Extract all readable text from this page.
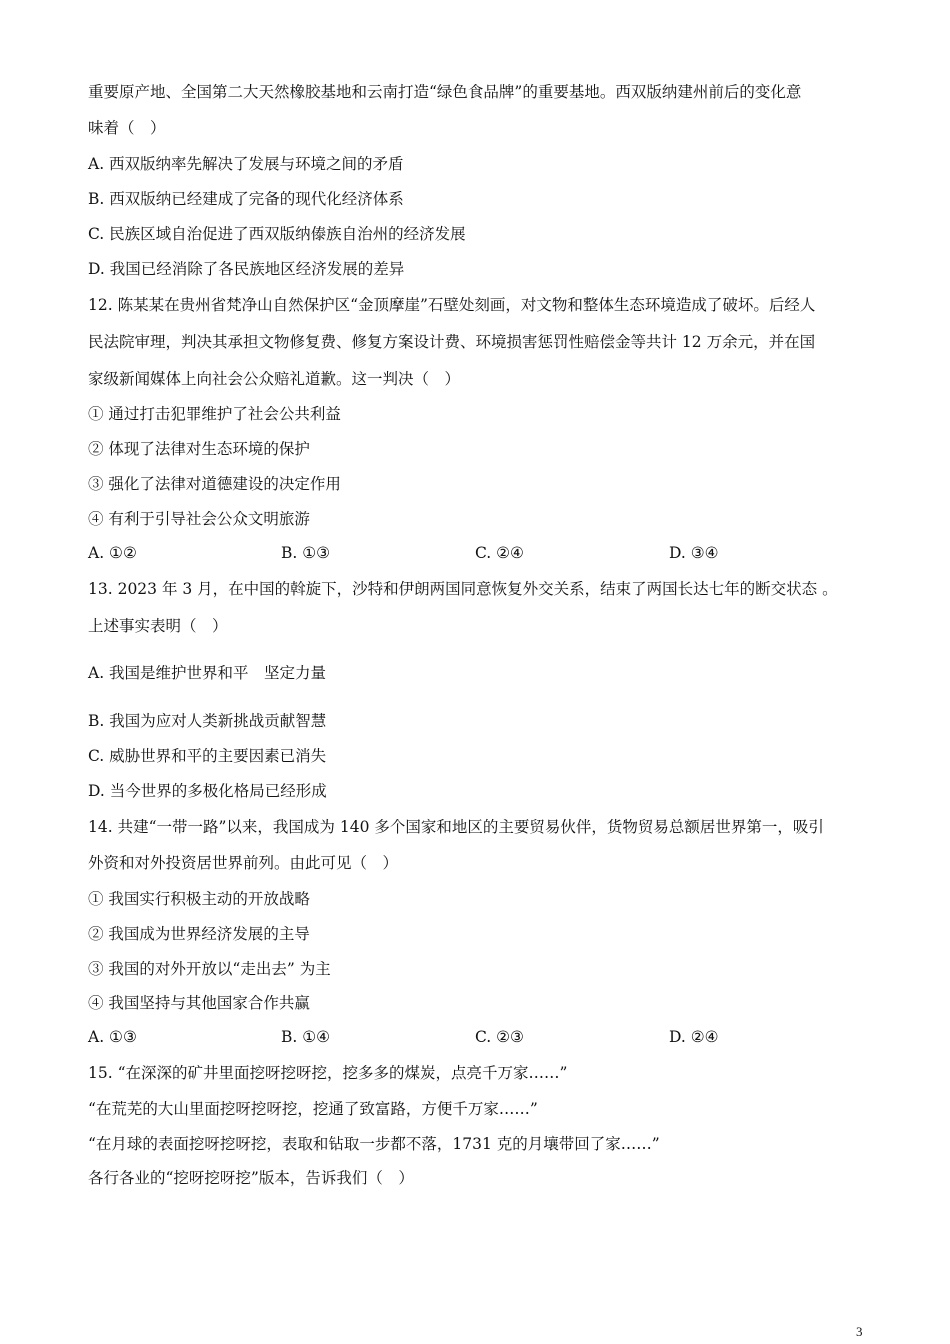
重要原产地、全国第二大天然橡胶基地和云南打造“绿色食品牌”的重要基地。西双版纳建州前后的变化意
味着（　）
A. 西双版纳率先解决了发展与环境之间的矛盾
B. 西双版纳已经建成了完备的现代化经济体系
C. 民族区域自治促进了西双版纳傣族自治州的经济发展
D. 我国已经消除了各民族地区经济发展的差异
12. 陈某某在贵州省梵净山自然保护区“金顶摩崖”石壁处刻画，对文物和整体生态环境造成了破坏。后经人
民法院审理，判决其承担文物修复费、修复方案设计费、环境损害惩罚性赔偿金等共计 12 万余元，并在国
家级新闻媒体上向社会公众赔礼道歉。这一判决（　）
① 通过打击犯罪维护了社会公共利益
② 体现了法律对生态环境的保护
③ 强化了法律对道德建设的决定作用
④ 有利于引导社会公众文明旅游
A. ①②	B. ①③	C. ②④	D. ③④
13. 2023 年 3 月，在中国的斡旋下，沙特和伊朗两国同意恢复外交关系，结束了两国长达七年的断交状态 。
上述事实表明（　）
A. 我国是维护世界和平　坚定力量
B. 我国为应对人类新挑战贡献智慧
C. 威胁世界和平的主要因素已消失
D. 当今世界的多极化格局已经形成
14. 共建“一带一路”以来，我国成为 140 多个国家和地区的主要贸易伙伴，货物贸易总额居世界第一，吸引
外资和对外投资居世界前列。由此可见（　）
① 我国实行积极主动的开放战略
② 我国成为世界经济发展的主导
③ 我国的对外开放以“走出去” 为主
④ 我国坚持与其他国家合作共赢
A. ①③	B. ①④	C. ②③	D. ②④
15. “在深深的矿井里面挖呀挖呀挖，挖多多的煤炭，点亮千万家……”
“在荒芜的大山里面挖呀挖呀挖，挖通了致富路，方便千万家……”
“在月球的表面挖呀挖呀挖，表取和钻取一步都不落，1731 克的月壤带回了家……”
各行各业的“挖呀挖呀挖”版本，告诉我们（　）
3
